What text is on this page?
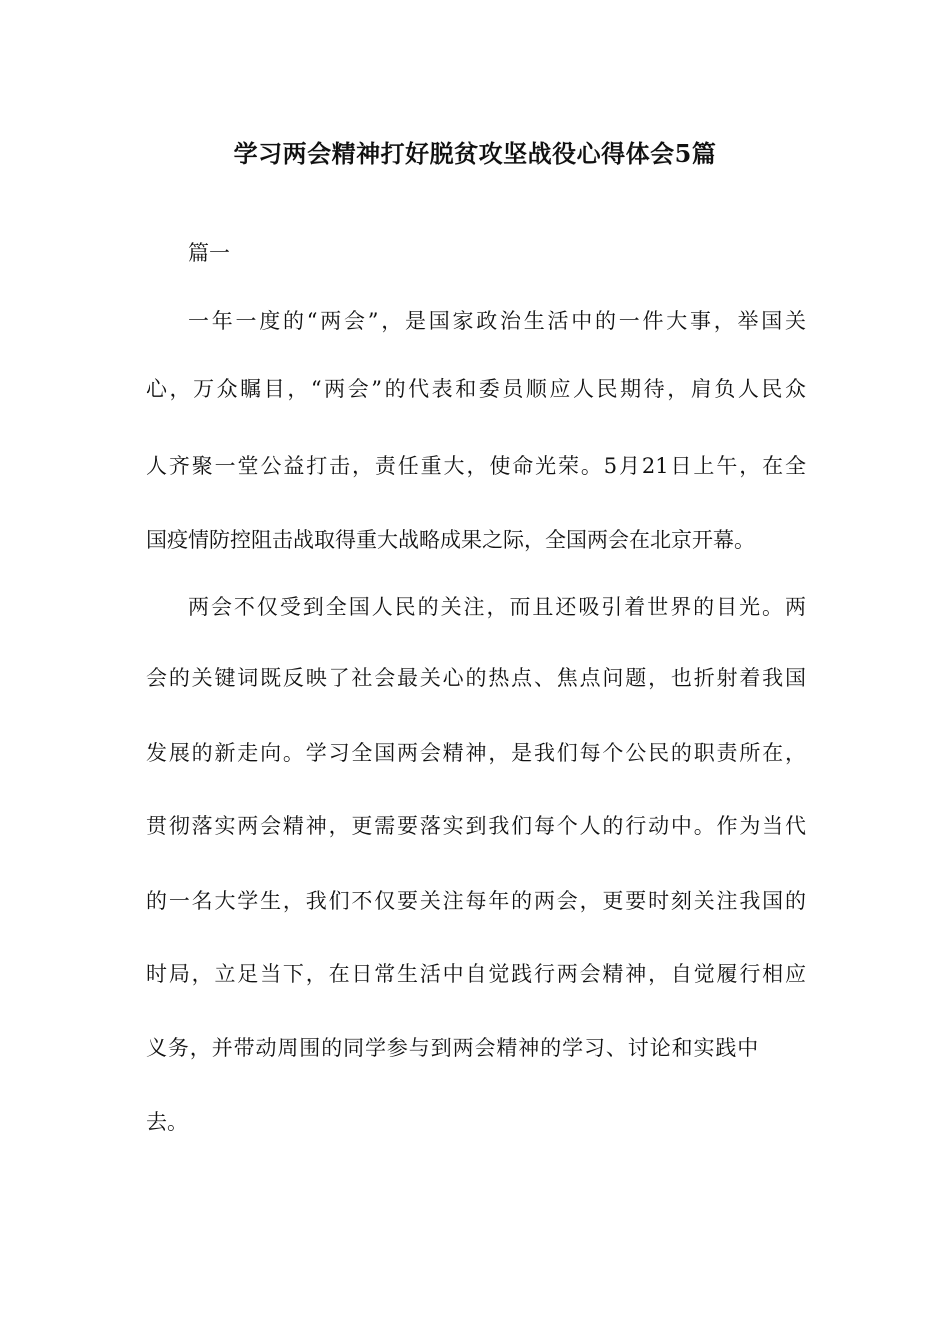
学习两会精神打好脱贫攻坚战役心得体会5篇

篇一

一年一度的“两会”，是国家政治生活中的一件大事，举国关

心，万众瞩目，“两会”的代表和委员顺应人民期待，肩负人民众

人齐聚一堂公益打击，责任重大，使命光荣。5月21日上午，在全

国疫情防控阻击战取得重大战略成果之际，全国两会在北京开幕。

两会不仅受到全国人民的关注，而且还吸引着世界的目光。两

会的关键词既反映了社会最关心的热点、焦点问题，也折射着我国

发展的新走向。学习全国两会精神，是我们每个公民的职责所在，

贯彻落实两会精神，更需要落实到我们每个人的行动中。作为当代

的一名大学生，我们不仅要关注每年的两会，更要时刻关注我国的

时局，立足当下，在日常生活中自觉践行两会精神，自觉履行相应

义务，并带动周围的同学参与到两会精神的学习、讨论和实践中

去。
